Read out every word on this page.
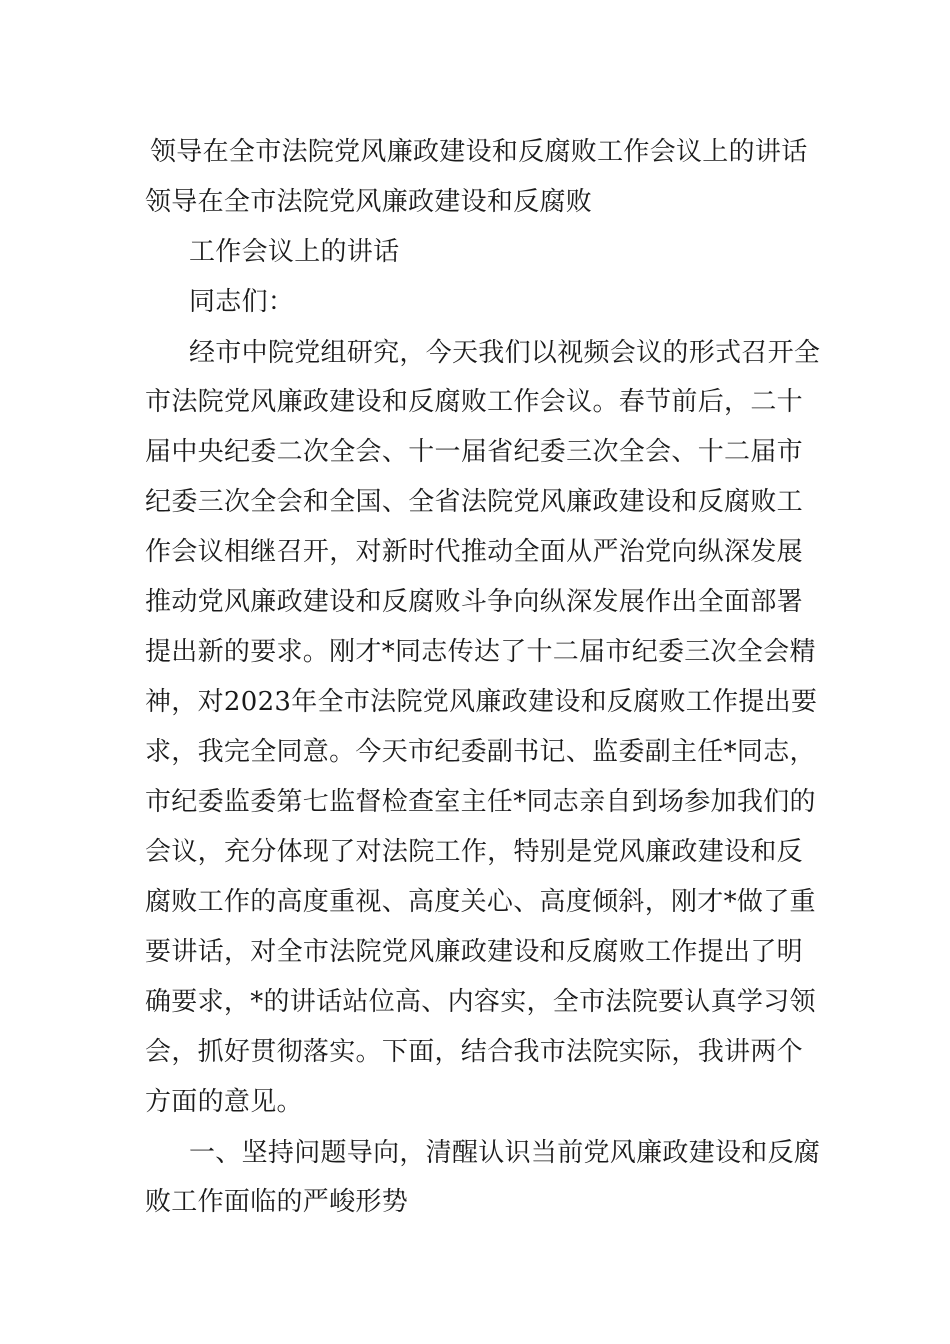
领导在全市法院党风廉政建设和反腐败工作会议上的讲话
领导在全市法院党风廉政建设和反腐败
工作会议上的讲话
同志们：
经市中院党组研究，今天我们以视频会议的形式召开全
市法院党风廉政建设和反腐败工作会议。春节前后，二十
届中央纪委二次全会、十一届省纪委三次全会、十二届市
纪委三次全会和全国、全省法院党风廉政建设和反腐败工
作会议相继召开，对新时代推动全面从严治党向纵深发展
推动党风廉政建设和反腐败斗争向纵深发展作出全面部署
提出新的要求。刚才*同志传达了十二届市纪委三次全会精
神，对2023年全市法院党风廉政建设和反腐败工作提出要
求，我完全同意。今天市纪委副书记、监委副主任*同志，
市纪委监委第七监督检查室主任*同志亲自到场参加我们的
会议，充分体现了对法院工作，特别是党风廉政建设和反
腐败工作的高度重视、高度关心、高度倾斜，刚才*做了重
要讲话，对全市法院党风廉政建设和反腐败工作提出了明
确要求，*的讲话站位高、内容实，全市法院要认真学习领
会，抓好贯彻落实。下面，结合我市法院实际，我讲两个
方面的意见。
一、坚持问题导向，清醒认识当前党风廉政建设和反腐
败工作面临的严峻形势
